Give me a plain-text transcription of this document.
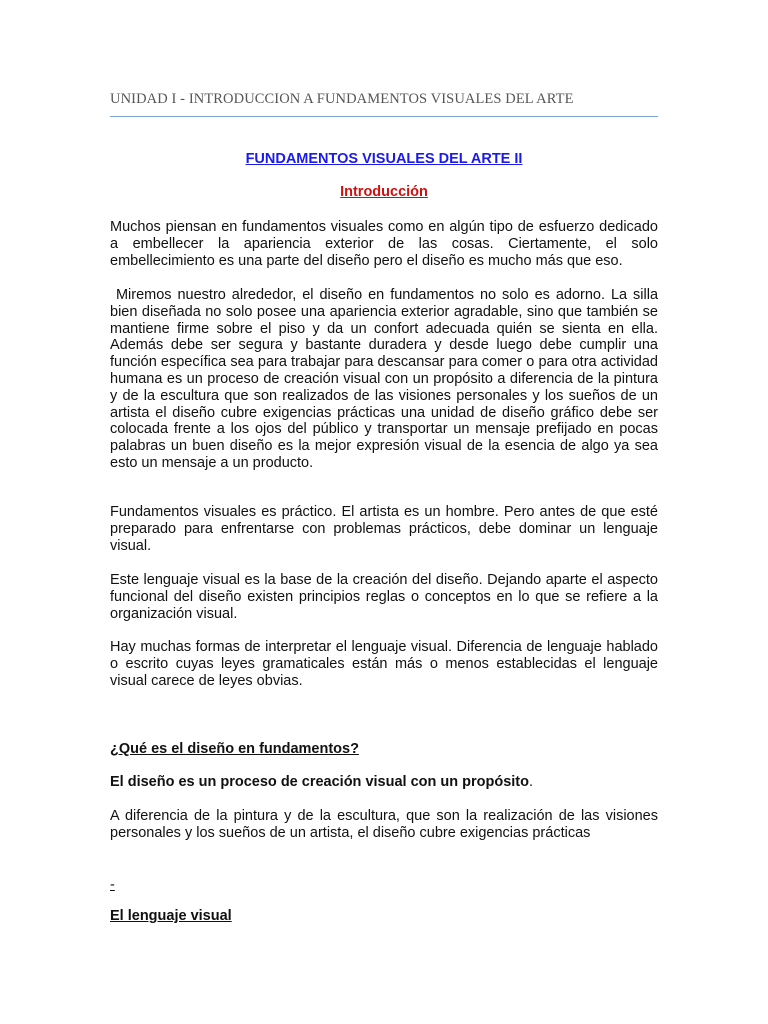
UNIDAD I - INTRODUCCION A FUNDAMENTOS VISUALES DEL ARTE
FUNDAMENTOS VISUALES DEL ARTE II
Introducción
Muchos piensan en fundamentos visuales como en algún tipo de esfuerzo dedicado a embellecer la apariencia exterior de las cosas. Ciertamente, el solo embellecimiento es una parte del diseño pero el diseño es mucho más que eso.
Miremos nuestro alrededor, el diseño en fundamentos no solo es adorno. La silla bien diseñada no solo posee una apariencia exterior agradable, sino que también se mantiene firme sobre el piso y da un confort adecuada quién se sienta en ella. Además debe ser segura y bastante duradera y desde luego debe cumplir una función específica sea para trabajar para descansar para comer o para otra actividad humana es un proceso de creación visual con un propósito a diferencia de la pintura y de la escultura que son realizados de las visiones personales y los sueños de un artista el diseño cubre exigencias prácticas una unidad de diseño gráfico debe ser colocada frente a los ojos del público y transportar un mensaje prefijado en pocas palabras un buen diseño es la mejor expresión visual de la esencia de algo ya sea esto un mensaje a un producto.
Fundamentos visuales es práctico. El artista es un hombre. Pero antes de que esté preparado para enfrentarse con problemas prácticos, debe dominar un lenguaje visual.
Este lenguaje visual es la base de la creación del diseño. Dejando aparte el aspecto funcional del diseño existen principios reglas o conceptos en lo que se refiere a la organización visual.
Hay muchas formas de interpretar el lenguaje visual. Diferencia de lenguaje hablado o escrito cuyas leyes gramaticales están más o menos establecidas el lenguaje visual carece de leyes obvias.
¿Qué es el diseño en fundamentos?
El diseño es un proceso de creación visual con un propósito.
A diferencia de la pintura y de la escultura, que son la realización de las visiones personales y los sueños de un artista, el diseño cubre exigencias prácticas
-
El lenguaje visual
